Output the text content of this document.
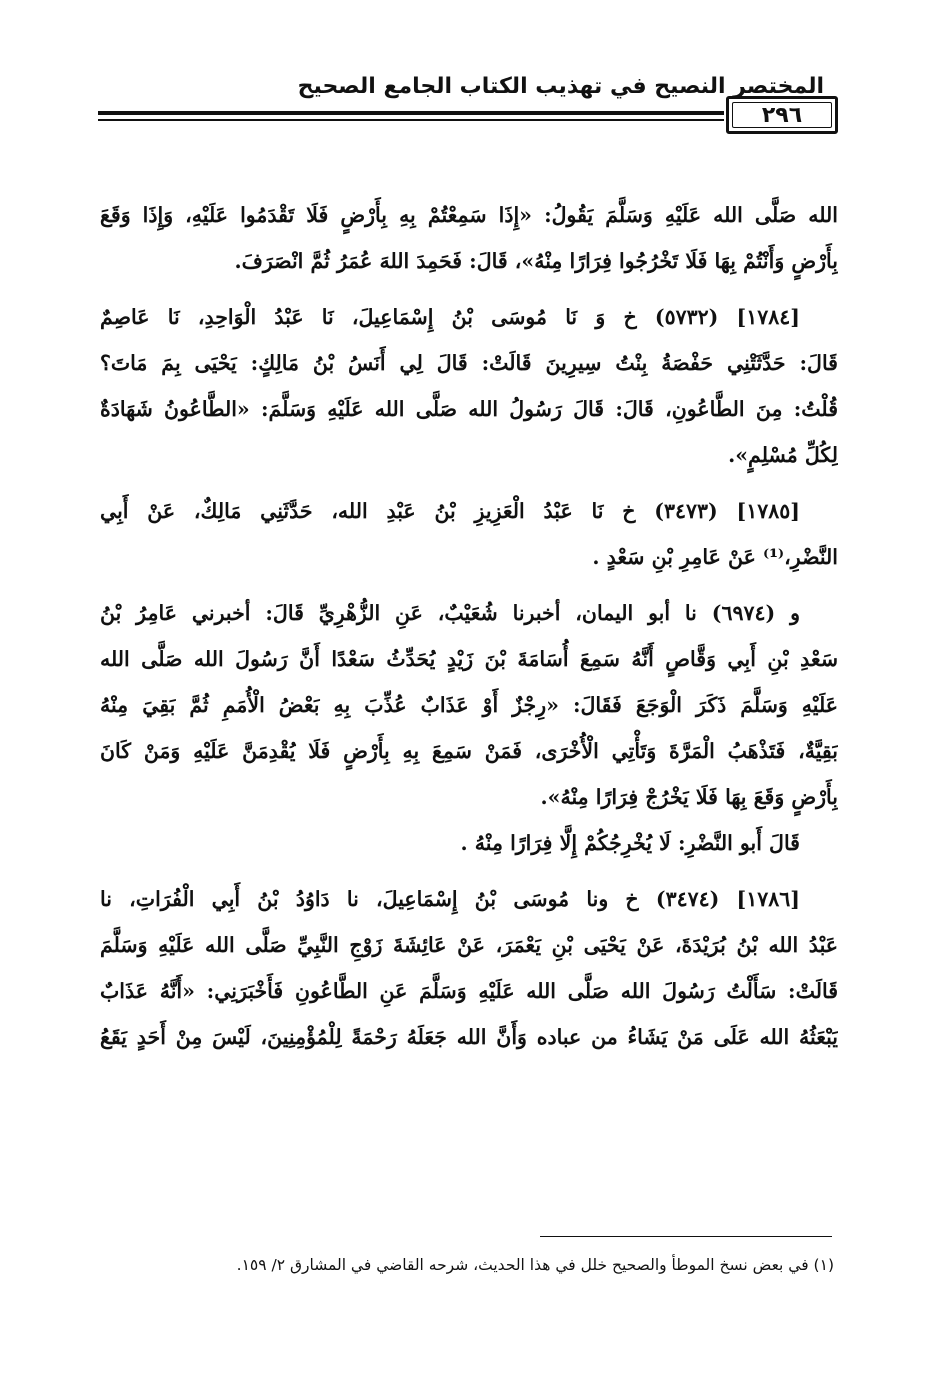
المختصر النصيح في تهذيب الكتاب الجامع الصحيح
٢٩٦
الله صَلَّى الله عَلَيْهِ وَسَلَّمَ يَقُولُ: «إِذَا سَمِعْتُمْ بِهِ بِأَرْضٍ فَلَا تَقْدَمُوا عَلَيْهِ، وَإِذَا وَقَعَ
بِأَرْضٍ وَأَنْتُمْ بِهَا فَلَا تَخْرُجُوا فِرَارًا مِنْهُ»، قَالَ: فَحَمِدَ اللهَ عُمَرُ ثُمَّ انْصَرَفَ.
[١٧٨٤] (٥٧٣٢) خ وَ نَا مُوسَى بْنُ إِسْمَاعِيلَ، نَا عَبْدُ الْوَاحِدِ، نَا عَاصِمٌ
قَالَ: حَدَّثَتْنِي حَفْصَةُ بِنْتُ سِيرِينَ قَالَتْ: قَالَ لِي أَنَسُ بْنُ مَالِكٍ: يَحْيَى بِمَ مَاتَ؟
قُلْتُ: مِنَ الطَّاعُونِ، قَالَ: قَالَ رَسُولُ الله صَلَّى الله عَلَيْهِ وَسَلَّمَ: «الطَّاعُونُ شَهَادَةٌ
لِكُلِّ مُسْلِمٍ».
[١٧٨٥] (٣٤٧٣) خ نَا عَبْدُ الْعَزِيزِ بْنُ عَبْدِ الله، حَدَّثَنِي مَالِكٌ، عَنْ أَبِي
النَّضْرِ،⁽¹⁾ عَنْ عَامِرِ بْنِ سَعْدٍ .
و (٦٩٧٤) نا أبو اليمان، أخبرنا شُعَيْبٌ، عَنِ الزُّهْرِيِّ قَالَ: أخبرني عَامِرُ بْنُ
سَعْدِ بْنِ أَبِي وَقَّاصٍ أَنَّهُ سَمِعَ أُسَامَةَ بْنَ زَيْدٍ يُحَدِّثُ سَعْدًا أَنَّ رَسُولَ الله صَلَّى الله
عَلَيْهِ وَسَلَّمَ ذَكَرَ الْوَجَعَ فَقَالَ: «رِجْزٌ أَوْ عَذَابٌ عُذِّبَ بِهِ بَعْضُ الْأُمَمِ ثُمَّ بَقِيَ مِنْهُ
بَقِيَّةٌ، فَتَذْهَبُ الْمَرَّةَ وَتَأْتِي الْأُخْرَى، فَمَنْ سَمِعَ بِهِ بِأَرْضٍ فَلَا يُقْدِمَنَّ عَلَيْهِ وَمَنْ كَانَ
بِأَرْضٍ وَقَعَ بِهَا فَلَا يَخْرُجْ فِرَارًا مِنْهُ».
قَالَ أَبو النَّضْرِ: لَا يُخْرِجُكُمْ إِلَّا فِرَارًا مِنْهُ .
[١٧٨٦] (٣٤٧٤) خ ونا مُوسَى بْنُ إِسْمَاعِيلَ، نا دَاوُدُ بْنُ أَبِي الْفُرَاتِ، نا
عَبْدُ الله بْنُ بُرَيْدَةَ، عَنْ يَحْيَى بْنِ يَعْمَرَ، عَنْ عَائِشَةَ زَوْجِ النَّبِيِّ صَلَّى الله عَلَيْهِ وَسَلَّمَ
قَالَتْ: سَأَلْتُ رَسُولَ الله صَلَّى الله عَلَيْهِ وَسَلَّمَ عَنِ الطَّاعُونِ فَأَخْبَرَنِي: «أَنَّهُ عَذَابٌ
يَبْعَثُهُ الله عَلَى مَنْ يَشَاءُ من عباده وَأَنَّ الله جَعَلَهُ رَحْمَةً لِلْمُؤْمِنِينَ، لَيْسَ مِنْ أَحَدٍ يَقَعُ
(١) في بعض نسخ الموطأ والصحيح خلل في هذا الحديث، شرحه القاضي في المشارق ٢/ ١٥٩.
